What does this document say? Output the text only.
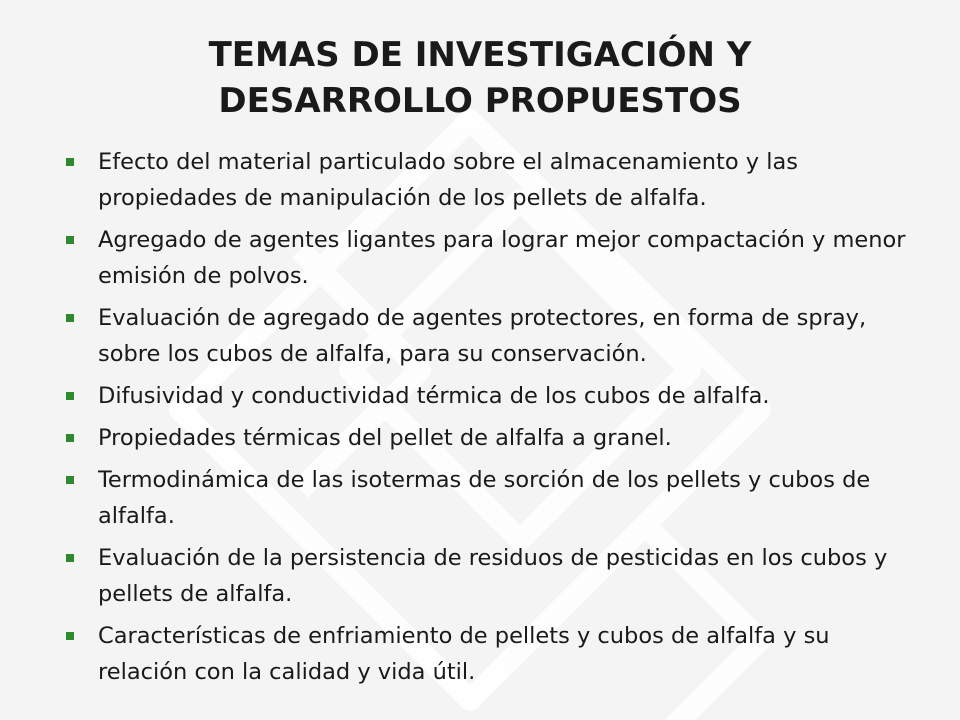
TEMAS DE INVESTIGACIÓN Y
DESARROLLO PROPUESTOS
Efecto del material particulado sobre el almacenamiento y las propiedades de manipulación de los pellets de alfalfa.
Agregado de agentes ligantes para lograr mejor compactación y menor emisión de polvos.
Evaluación de agregado de agentes protectores, en forma de spray, sobre los cubos de alfalfa, para su conservación.
Difusividad y conductividad térmica de los cubos de alfalfa.
Propiedades térmicas del pellet de alfalfa a granel.
Termodinámica de las isotermas de sorción de los pellets y cubos de alfalfa.
Evaluación de la persistencia de residuos de pesticidas en los cubos y pellets de alfalfa.
Características de enfriamiento de pellets y cubos de alfalfa y su relación con la calidad y vida útil.
